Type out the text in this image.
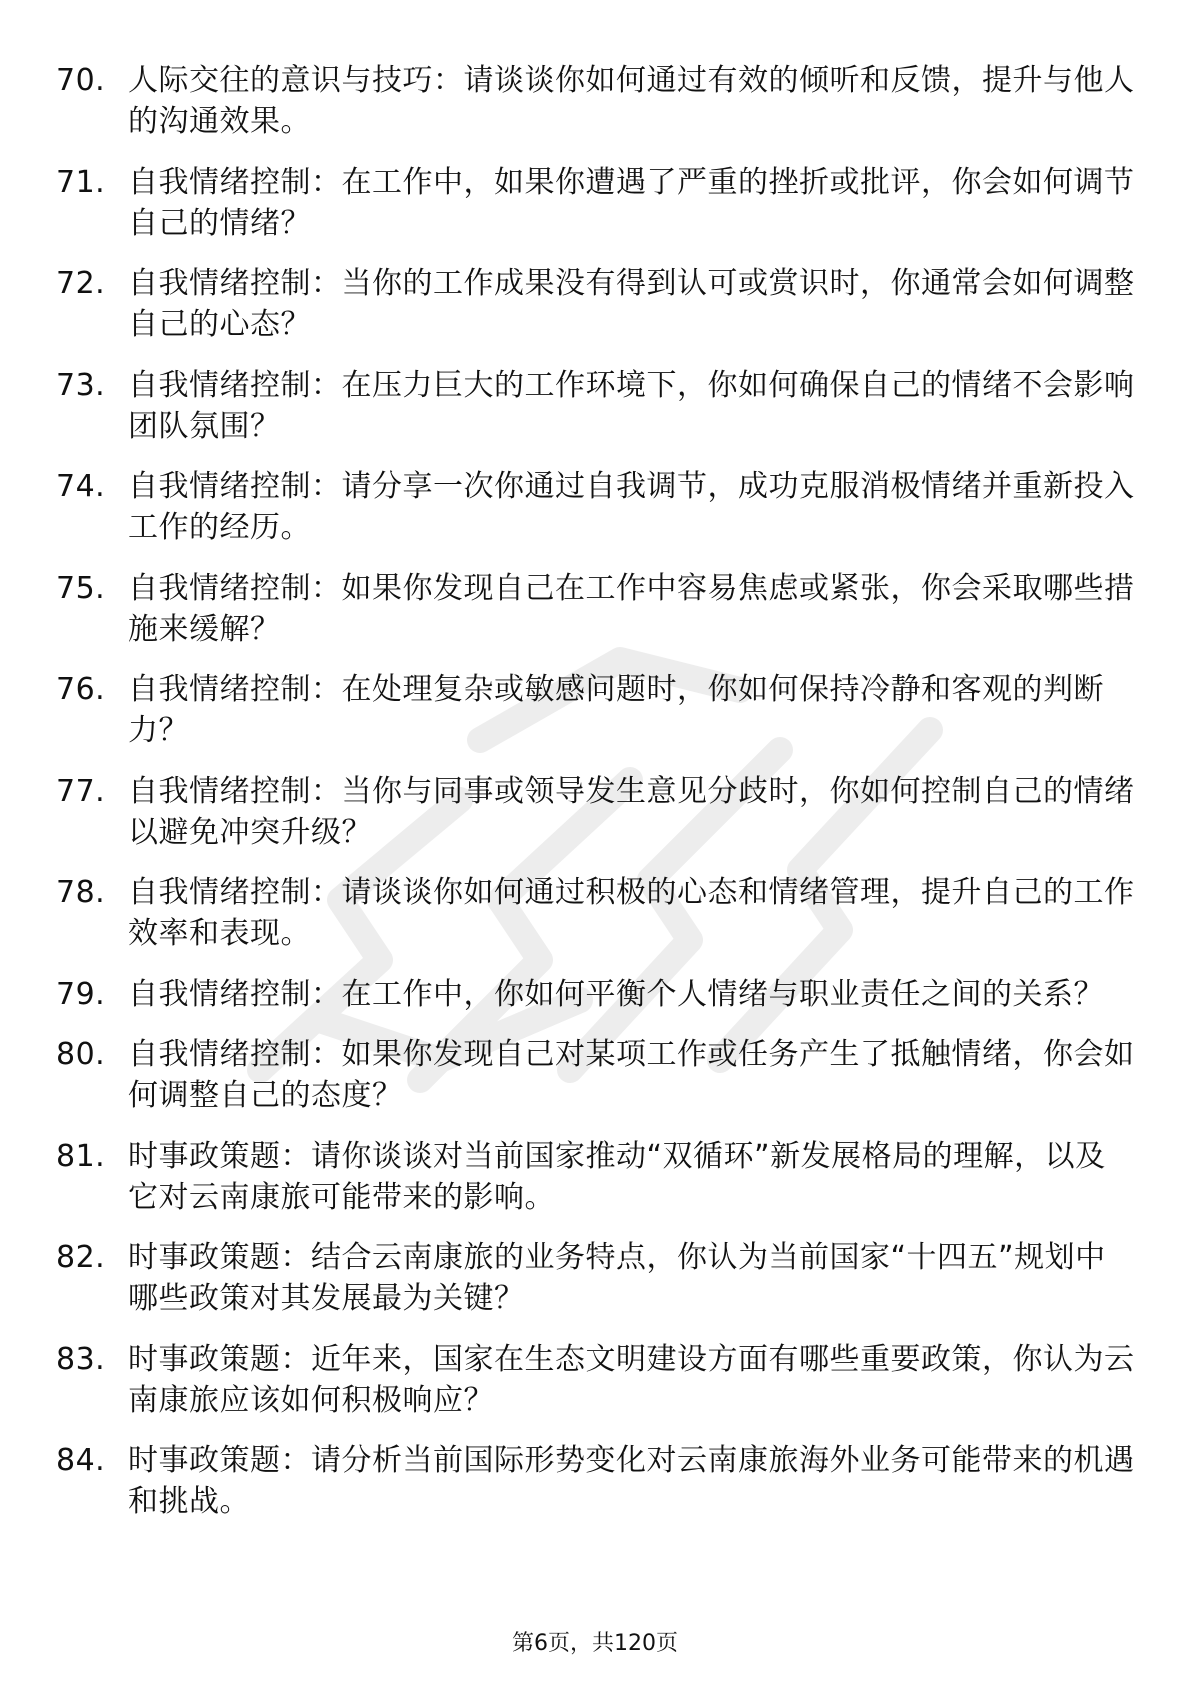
70. 人际交往的意识与技巧：请谈谈你如何通过有效的倾听和反馈，提升与他人的沟通效果。
71. 自我情绪控制：在工作中，如果你遭遇了严重的挫折或批评，你会如何调节自己的情绪？
72. 自我情绪控制：当你的工作成果没有得到认可或赏识时，你通常会如何调整自己的心态？
73. 自我情绪控制：在压力巨大的工作环境下，你如何确保自己的情绪不会影响团队氛围？
74. 自我情绪控制：请分享一次你通过自我调节，成功克服消极情绪并重新投入工作的经历。
75. 自我情绪控制：如果你发现自己在工作中容易焦虑或紧张，你会采取哪些措施来缓解？
76. 自我情绪控制：在处理复杂或敏感问题时，你如何保持冷静和客观的判断力？
77. 自我情绪控制：当你与同事或领导发生意见分歧时，你如何控制自己的情绪以避免冲突升级？
78. 自我情绪控制：请谈谈你如何通过积极的心态和情绪管理，提升自己的工作效率和表现。
79. 自我情绪控制：在工作中，你如何平衡个人情绪与职业责任之间的关系？
80. 自我情绪控制：如果你发现自己对某项工作或任务产生了抵触情绪，你会如何调整自己的态度？
81. 时事政策题：请你谈谈对当前国家推动“双循环”新发展格局的理解，以及它对云南康旅可能带来的影响。
82. 时事政策题：结合云南康旅的业务特点，你认为当前国家“十四五”规划中哪些政策对其发展最为关键？
83. 时事政策题：近年来，国家在生态文明建设方面有哪些重要政策，你认为云南康旅应该如何积极响应？
84. 时事政策题：请分析当前国际形势变化对云南康旅海外业务可能带来的机遇和挑战。
第6页，共120页
